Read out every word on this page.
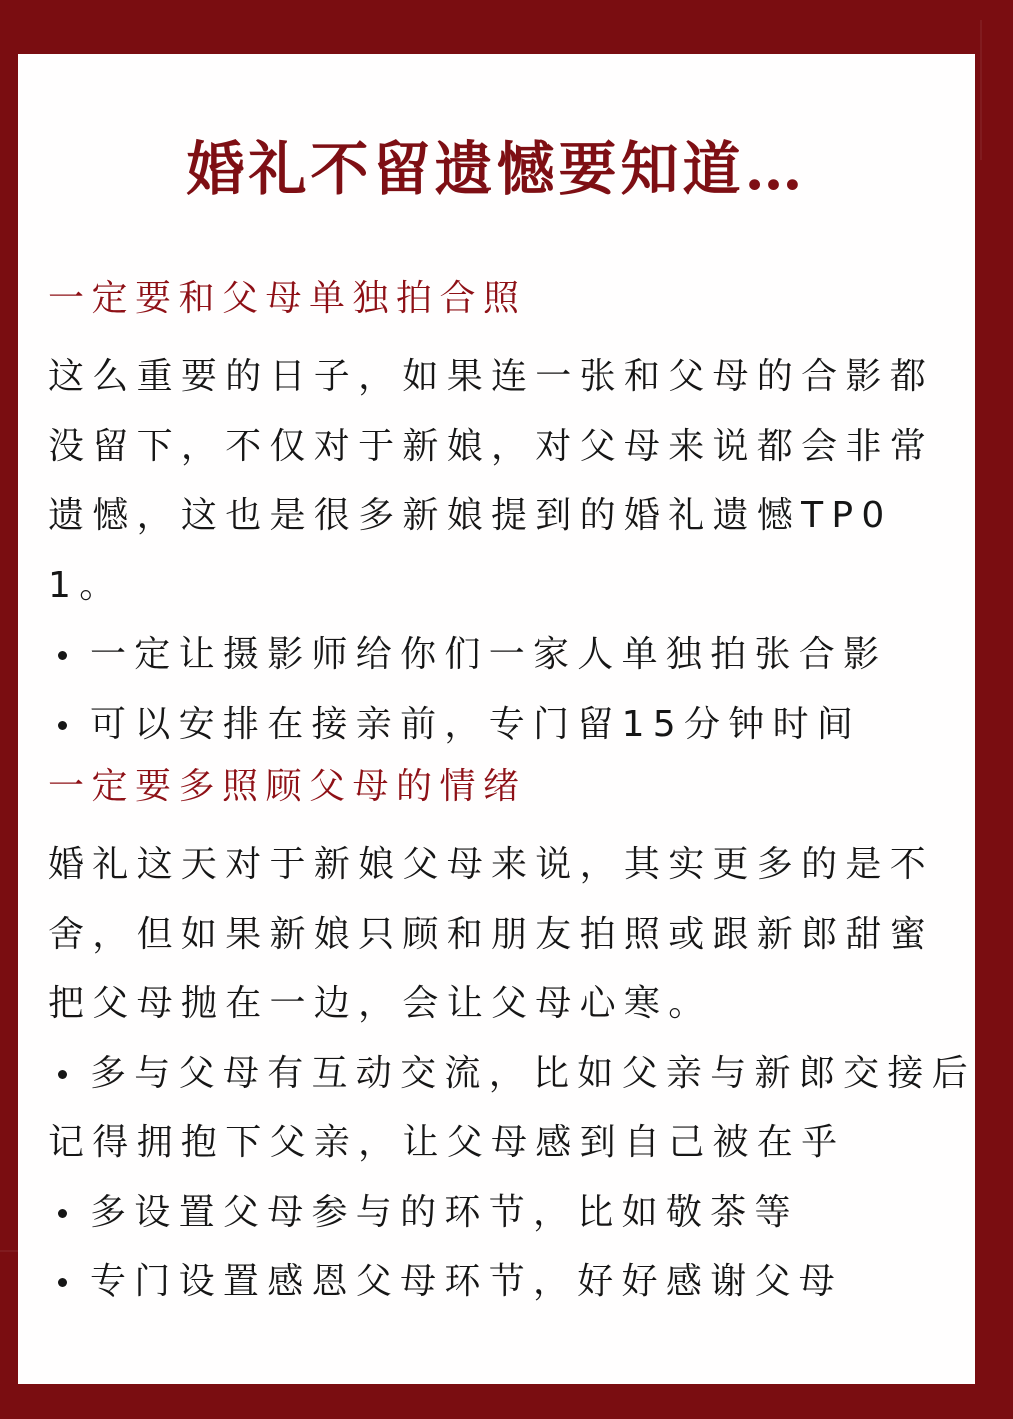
婚礼不留遗憾要知道…
一定要和父母单独拍合照

这么重要的日子，如果连一张和父母的合影都没留下，不仅对于新娘，对父母来说都会非常遗憾，这也是很多新娘提到的婚礼遗憾TP01。

一定让摄影师给你们一家人单独拍张合影
可以安排在接亲前，专门留15分钟时间
一定要多照顾父母的情绪

婚礼这天对于新娘父母来说，其实更多的是不舍，但如果新娘只顾和朋友拍照或跟新郎甜蜜把父母抛在一边，会让父母心寒。

多与父母有互动交流，比如父亲与新郎交接后
记得拥抱下父亲，让父母感到自己被在乎
多设置父母参与的环节，比如敬茶等
专门设置感恩父母环节，好好感谢父母
